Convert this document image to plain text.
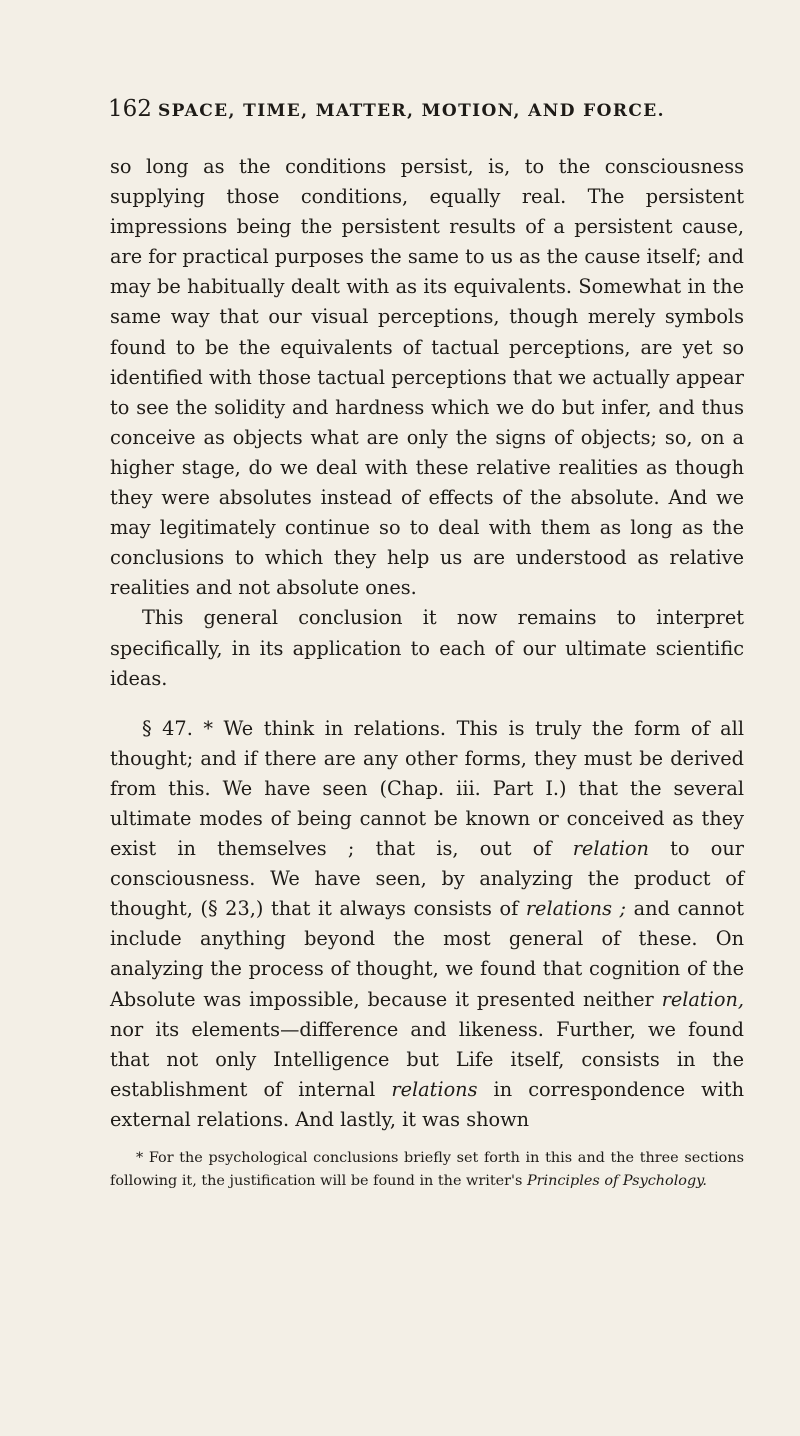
162 SPACE, TIME, MATTER, MOTION, AND FORCE.

so long as the conditions persist, is, to the consciousness supplying those conditions, equally real. The persistent impressions being the persistent results of a persistent cause, are for practical purposes the same to us as the cause itself; and may be habitually dealt with as its equivalents. Somewhat in the same way that our visual perceptions, though merely symbols found to be the equivalents of tactual perceptions, are yet so identified with those tactual perceptions that we actually appear to see the solidity and hardness which we do but infer, and thus conceive as objects what are only the signs of objects; so, on a higher stage, do we deal with these relative realities as though they were absolutes instead of effects of the absolute. And we may legitimately continue so to deal with them as long as the conclusions to which they help us are understood as relative realities and not absolute ones.

This general conclusion it now remains to interpret specifically, in its application to each of our ultimate scientific ideas.

§ 47. * We think in relations. This is truly the form of all thought; and if there are any other forms, they must be derived from this. We have seen (Chap. iii. Part I.) that the several ultimate modes of being cannot be known or conceived as they exist in themselves ; that is, out of relation to our consciousness. We have seen, by analyzing the product of thought, (§ 23,) that it always consists of relations ; and cannot include anything beyond the most general of these. On analyzing the process of thought, we found that cognition of the Absolute was impossible, because it presented neither relation, nor its elements—difference and likeness. Further, we found that not only Intelligence but Life itself, consists in the establishment of internal relations in correspondence with external relations. And lastly, it was shown

* For the psychological conclusions briefly set forth in this and the three sections following it, the justification will be found in the writer's Principles of Psychology.
